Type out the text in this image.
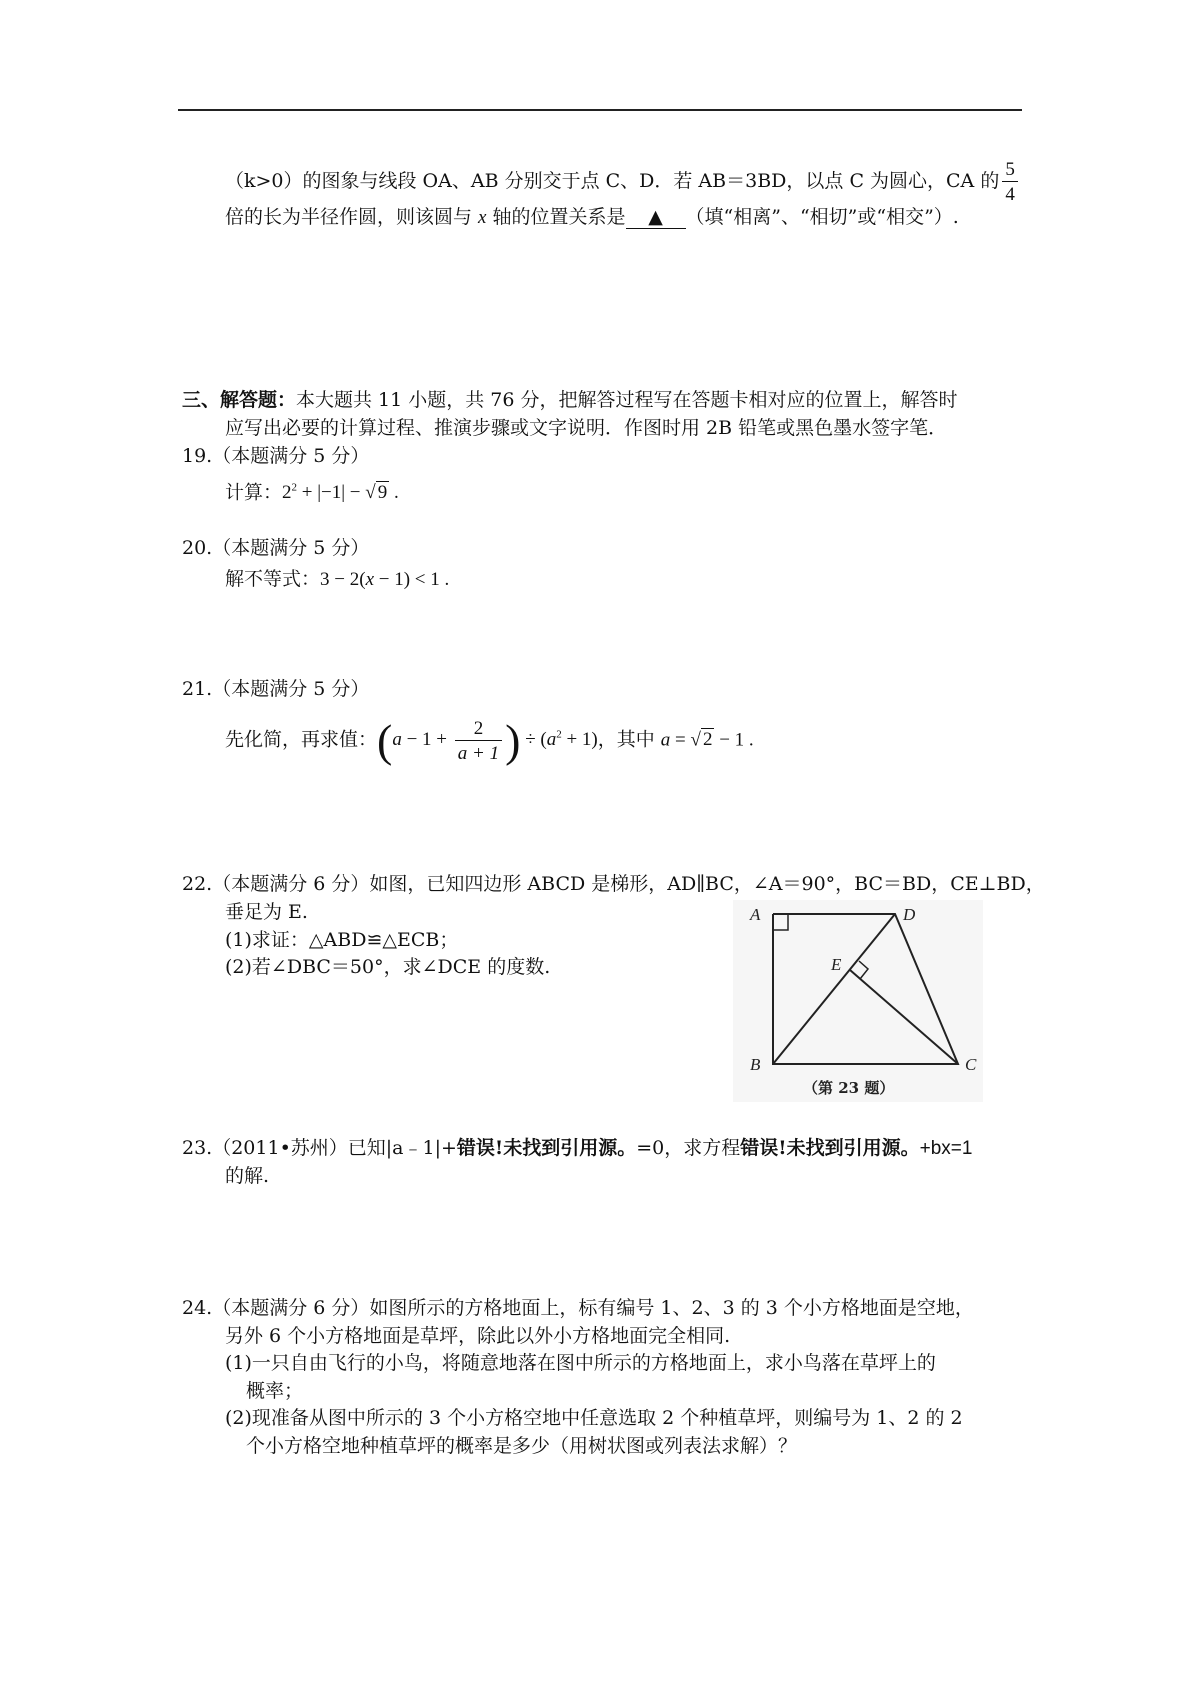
（k>0）的图象与线段 OA、AB 分别交于点 C、D．若 AB＝3BD，以点 C 为圆心，CA 的 $\frac{5}{4}$
倍的长为半径作圆，则该圆与 x 轴的位置关系是 ▲ （填“相离”、“相切”或“相交”）.
三、解答题：本大题共 11 小题，共 76 分，把解答过程写在答题卡相对应的位置上，解答时
应写出必要的计算过程、推演步骤或文字说明．作图时用 2B 铅笔或黑色墨水签字笔．
19.（本题满分 5 分）
计算：$2^2 + |-1|$ − √ 9 .
20.（本题满分 5 分）
解不等式：3 − 2(x − 1) < 1 .
21.（本题满分 5 分）
先化简，再求值：($a - 1 + \frac{2}{a + 1}$ ) ÷ $(a^2 + 1)$，其中 a = √ 2 − 1 .
22.（本题满分 6 分）如图，已知四边形 ABCD 是梯形，AD∥BC，∠A＝90°，BC＝BD，CE⊥BD，
垂足为 E.
(1)求证：△ABD≌△ECB；
(2)若∠DBC＝50°，求∠DCE 的度数.
A	D
E
B	C
（第 23 题）
23.（2011•苏州）已知|a﹣1|+错误!未找到引用源。=0，求方程错误!未找到引用源。+bx=1
的解.
24.（本题满分 6 分）如图所示的方格地面上，标有编号 1、2、3 的 3 个小方格地面是空地，
另外 6 个小方格地面是草坪，除此以外小方格地面完全相同.
(1)一只自由飞行的小鸟，将随意地落在图中所示的方格地面上，求小鸟落在草坪上的
概率；
(2)现准备从图中所示的 3 个小方格空地中任意选取 2 个种植草坪，则编号为 1、2 的 2
个小方格空地种植草坪的概率是多少（用树状图或列表法求解）？
